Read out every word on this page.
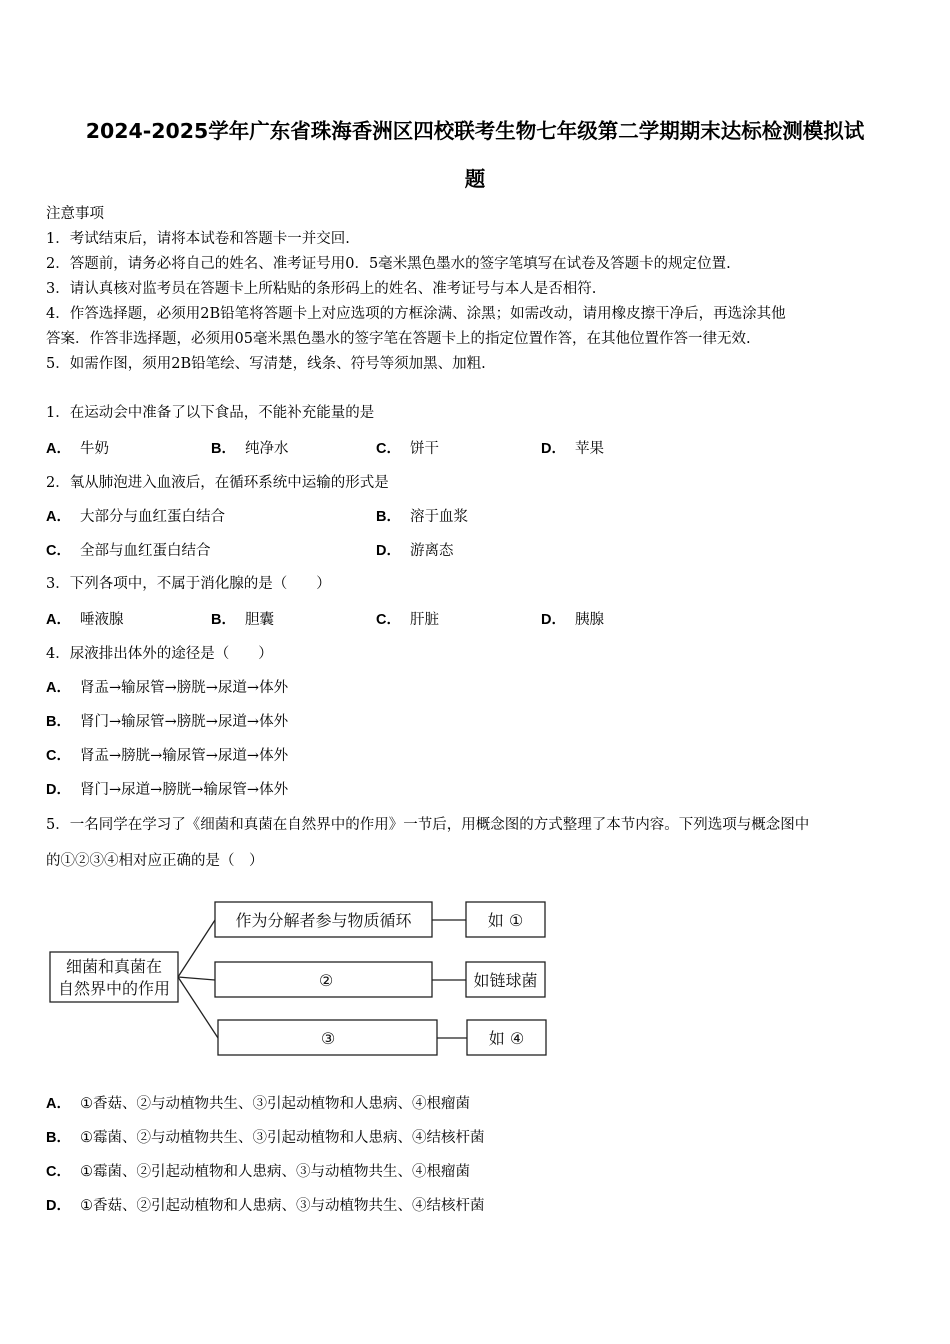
2024-2025学年广东省珠海香洲区四校联考生物七年级第二学期期末达标检测模拟试
题
注意事项
1．考试结束后，请将本试卷和答题卡一并交回.
2．答题前，请务必将自己的姓名、准考证号用0．5毫米黑色墨水的签字笔填写在试卷及答题卡的规定位置.
3．请认真核对监考员在答题卡上所粘贴的条形码上的姓名、准考证号与本人是否相符.
4．作答选择题，必须用2B铅笔将答题卡上对应选项的方框涂满、涂黑；如需改动，请用橡皮擦干净后，再选涂其他
答案．作答非选择题，必须用05毫米黑色墨水的签字笔在答题卡上的指定位置作答，在其他位置作答一律无效.
5．如需作图，须用2B铅笔绘、写清楚，线条、符号等须加黑、加粗.
1．在运动会中准备了以下食品，不能补充能量的是
A． 牛奶	B． 纯净水	C． 饼干	D． 苹果
2．氧从肺泡进入血液后，在循环系统中运输的形式是
A． 大部分与血红蛋白结合	B． 溶于血浆
C． 全部与血红蛋白结合	D． 游离态
3．下列各项中，不属于消化腺的是（　　）
A． 唾液腺	B． 胆囊	C． 肝脏	D． 胰腺
4．尿液排出体外的途径是（　　）
A． 肾盂→输尿管→膀胱→尿道→体外
B． 肾门→输尿管→膀胱→尿道→体外
C． 肾盂→膀胱→输尿管→尿道→体外
D． 肾门→尿道→膀胱→输尿管→体外
5．一名同学在学习了《细菌和真菌在自然界中的作用》一节后，用概念图的方式整理了本节内容。下列选项与概念图中
的①②③④相对应正确的是（　）
细菌和真菌在
自然界中的作用
作为分解者参与物质循环
②
③
如 ①
如链球菌
如 ④
A． ①香菇、②与动植物共生、③引起动植物和人患病、④根瘤菌
B． ①霉菌、②与动植物共生、③引起动植物和人患病、④结核杆菌
C． ①霉菌、②引起动植物和人患病、③与动植物共生、④根瘤菌
D． ①香菇、②引起动植物和人患病、③与动植物共生、④结核杆菌
